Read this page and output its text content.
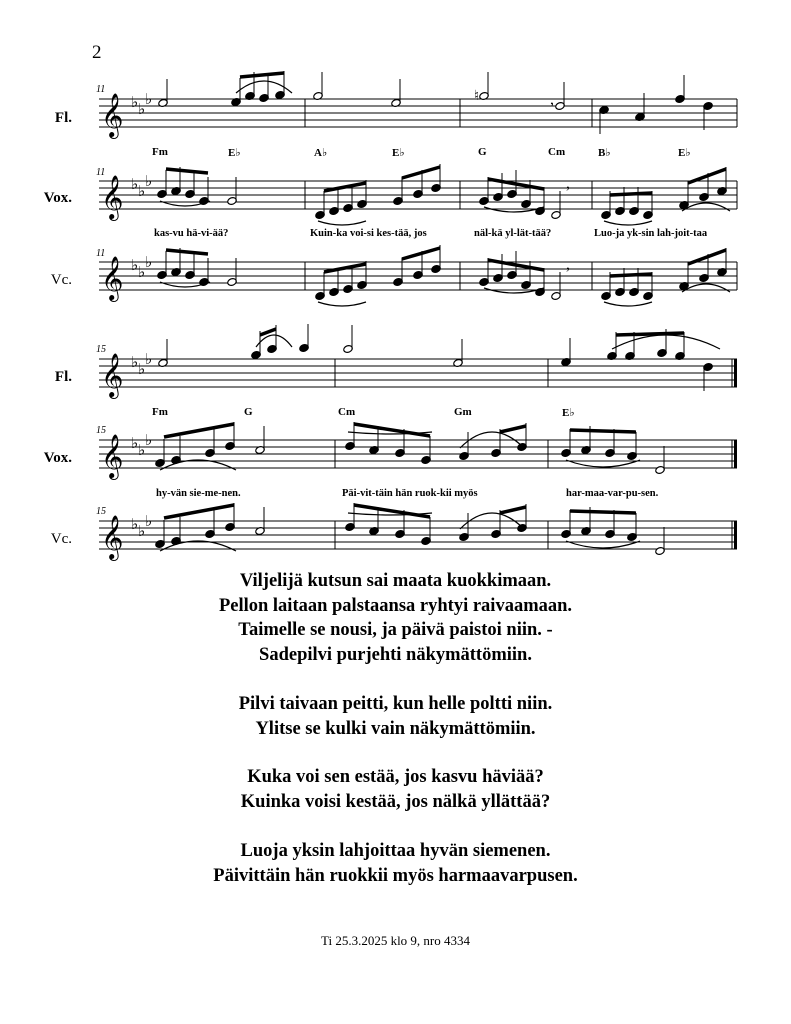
𝄞 ♭ ♭
♭
𝄞 ♭ ♭
♭
𝄞 ♭ ♭
♭
𝄞 ♭ ♭
♭
𝄞 ♭ ♭
♭
𝄞 ♭ ♭
♭
,
,
,
♮
2
11
11
11
Fl.
Vox.
Vc.
Fm	E♭	A♭	E♭	G	Cm	B♭	E♭
kas-vu hä-vi-ää?	Kuin-ka voi-si kes-tää, jos	näl-kä yl-lät-tää?	Luo-ja yk-sin lah-joit-taa
15
15
15
Fl.
Vox.
Vc.
Fm	G	Cm	Gm	E♭
hy-vän sie-me-nen.	Päi-vit-täin hän ruok-kii myös	har-maa-var-pu-sen.
Viljelijä kutsun sai maata kuokkimaan.
Pellon laitaan palstaansa ryhtyi raivaamaan.
Taimelle se nousi, ja päivä paistoi niin. -
Sadepilvi purjehti näkymättömiin.
Pilvi taivaan peitti, kun helle poltti niin.
Ylitse se kulki vain näkymättömiin.
Kuka voi sen estää, jos kasvu häviää?
Kuinka voisi kestää, jos nälkä yllättää?
Luoja yksin lahjoittaa hyvän siemenen.
Päivittäin hän ruokkii myös harmaavarpusen.
Ti 25.3.2025 klo 9, nro 4334
